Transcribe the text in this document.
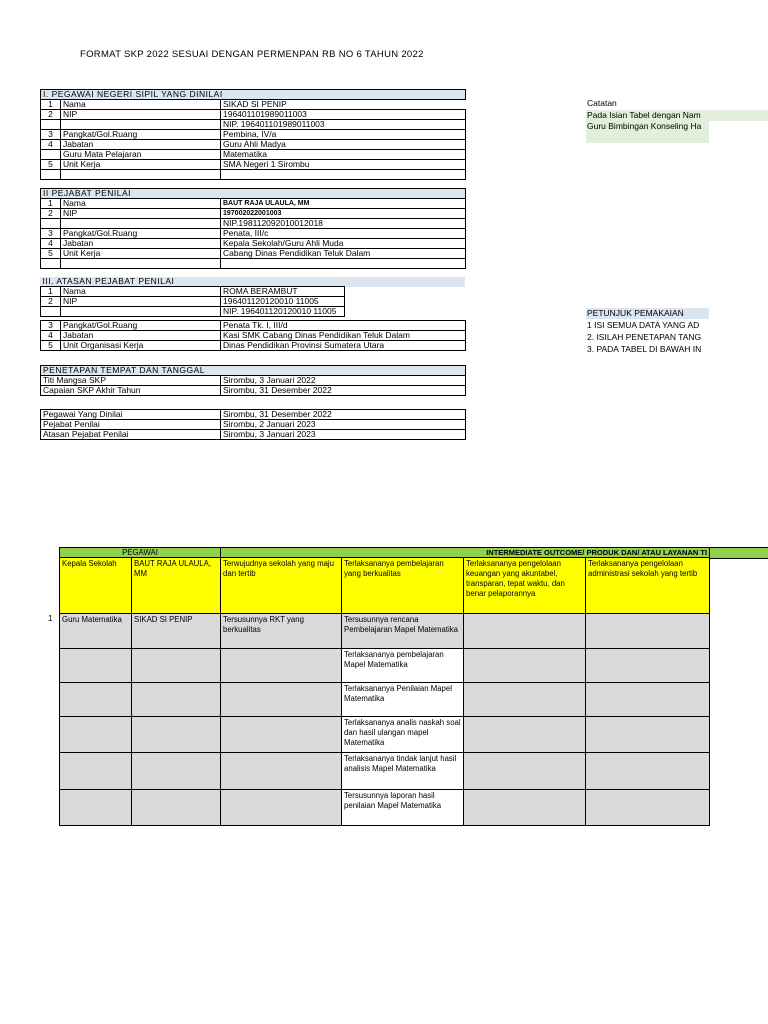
FORMAT SKP 2022 SESUAI DENGAN PERMENPAN RB NO 6 TAHUN 2022
I. PEGAWAI NEGERI SIPIL YANG DINILAI		
1	Nama	SIKAD SI PENIP
2	NIP	196401101989011003
		NIP. 196401101989011003
3	Pangkat/Gol.Ruang	Pembina, IV/a
4	Jabatan	Guru Ahli Madya
	Guru Mata Pelajaran	Matematika
5	Unit Kerja	SMA Negeri 1 Sirombu

II PEJABAT PENILAI		
1	Nama	BAUT RAJA ULAULA, MM
2	NIP	197002022001003
		NIP.198112092010012018
3	Pangkat/Gol.Ruang	Penata, III/c
4	Jabatan	Kepala Sekolah/Guru Ahli Muda
5	Unit Kerja	Cabang Dinas Pendidikan Teluk Dalam

III. ATASAN PEJABAT PENILAI		
1	Nama	ROMA BERAMBUT
2	NIP	196401120120010 11005
		NIP. 196401120120010 11005
3	Pangkat/Gol.Ruang	Penata Tk. I, III/d
4	Jabatan	Kasi SMK Cabang Dinas Pendidikan Teluk Dalam
5	Unit Organisasi Kerja	Dinas Pendidikan Provinsi Sumatera Utara
PENETAPAN TEMPAT DAN TANGGAL	
Titi Mangsa SKP	Sirombu, 3 Januari 2022
Capaian SKP Akhir Tahun	Sirombu, 31 Desember 2022
Pegawai Yang Dinilai	Sirombu, 31 Desember 2022
Pejabat Penilai	Sirombu, 2 Januari 2023
Atasan Pejabat Penilai	Sirombu, 3 Januari 2023
Catatan
Pada Isian Tabel dengan Nam
Guru Bimbingan Konseling Ha
PETUNJUK PEMAKAIAN
1 ISI SEMUA DATA YANG AD
2. ISILAH PENETAPAN TANG
3. PADA TABEL DI BAWAH IN
1
PEGAWAI		INTERMEDIATE OUTCOME/ PRODUK DAN/ ATAU LAYANAN TI			
Kepala Sekolah	BAUT RAJA ULAULA, MM	Terwujudnya sekolah yang maju dan tertib	Terlaksananya pembelajaran yang berkualitas	Terlaksananya pengelolaan keuangan yang akuntabel, transparan, tepat waktu, dan benar pelaporannya	Terlaksananya pengelolaan administrasi sekolah yang tertib
Guru Matematika	SIKAD SI PENIP	Tersusunnya RKT yang berkualitas	Tersusunnya rencana Pembelajaran Mapel Matematika		
			Terlaksananya pembelajaran Mapel Matematika		
			Terlaksananya Penilaian Mapel Matematika		
			Terlaksananya analis naskah soal dan hasil ulangan mapel Matematika		
			Terlaksananya tindak lanjut hasil analisis Mapel Matematika		
			Tersusunnya laporan hasil penilaian Mapel Matematika		
